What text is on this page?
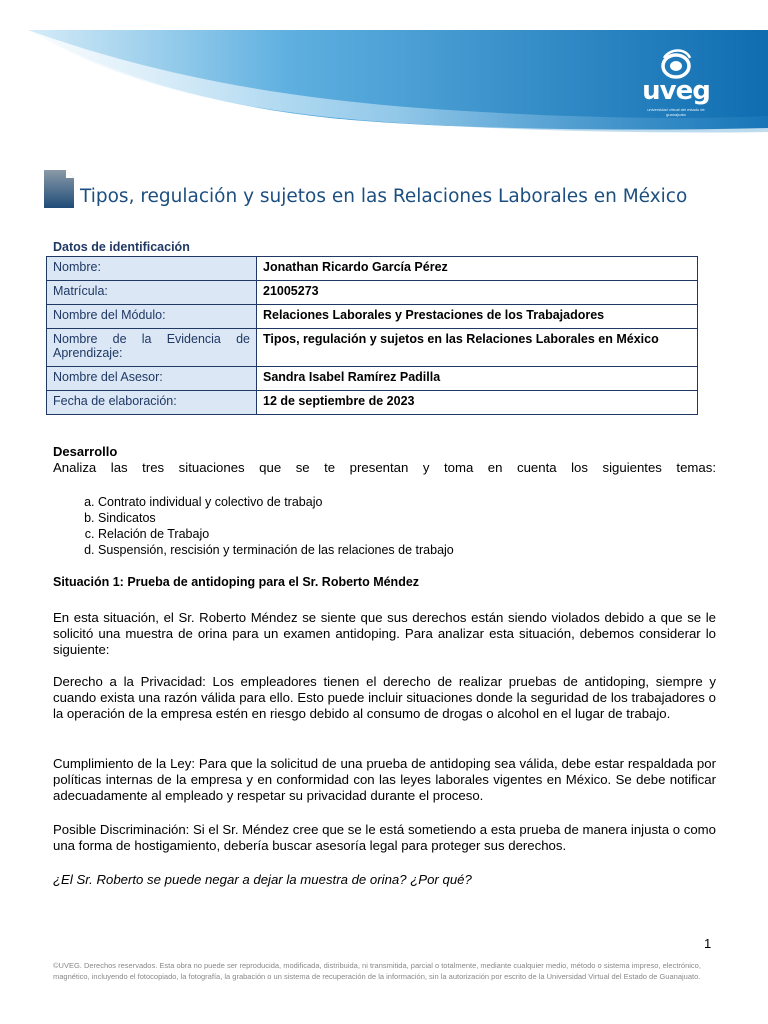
uveg
universidad virtual del estado de guanajuato
Tipos, regulación y sujetos en las Relaciones Laborales en México
Datos de identificación
Nombre:	Jonathan Ricardo García Pérez
Matrícula:	21005273
Nombre del Módulo:	Relaciones Laborales y Prestaciones de los Trabajadores
Nombre de la Evidencia de Aprendizaje:	Tipos, regulación y sujetos en las Relaciones Laborales en México
Nombre del Asesor:	Sandra Isabel Ramírez Padilla
Fecha de elaboración:	12 de septiembre de 2023
Desarrollo
Analiza las tres situaciones que se te presentan y toma en cuenta los siguientes temas:
a. Contrato individual y colectivo de trabajo
b. Sindicatos
c. Relación de Trabajo
d. Suspensión, rescisión y terminación de las relaciones de trabajo
Situación 1: Prueba de antidoping para el Sr. Roberto Méndez
En esta situación, el Sr. Roberto Méndez se siente que sus derechos están siendo violados debido a que se le solicitó una muestra de orina para un examen antidoping. Para analizar esta situación, debemos considerar lo siguiente:
Derecho a la Privacidad: Los empleadores tienen el derecho de realizar pruebas de antidoping, siempre y cuando exista una razón válida para ello. Esto puede incluir situaciones donde la seguridad de los trabajadores o la operación de la empresa estén en riesgo debido al consumo de drogas o alcohol en el lugar de trabajo.
Cumplimiento de la Ley: Para que la solicitud de una prueba de antidoping sea válida, debe estar respaldada por políticas internas de la empresa y en conformidad con las leyes laborales vigentes en México. Se debe notificar adecuadamente al empleado y respetar su privacidad durante el proceso.
Posible Discriminación: Si el Sr. Méndez cree que se le está sometiendo a esta prueba de manera injusta o como una forma de hostigamiento, debería buscar asesoría legal para proteger sus derechos.
¿El Sr. Roberto se puede negar a dejar la muestra de orina? ¿Por qué?
1
©UVEG. Derechos reservados. Esta obra no puede ser reproducida, modificada, distribuida, ni transmitida, parcial o totalmente, mediante cualquier medio, método o sistema impreso, electrónico, magnético, incluyendo el fotocopiado, la fotografía, la grabación o un sistema de recuperación de la información, sin la autorización por escrito de la Universidad Virtual del Estado de Guanajuato.
